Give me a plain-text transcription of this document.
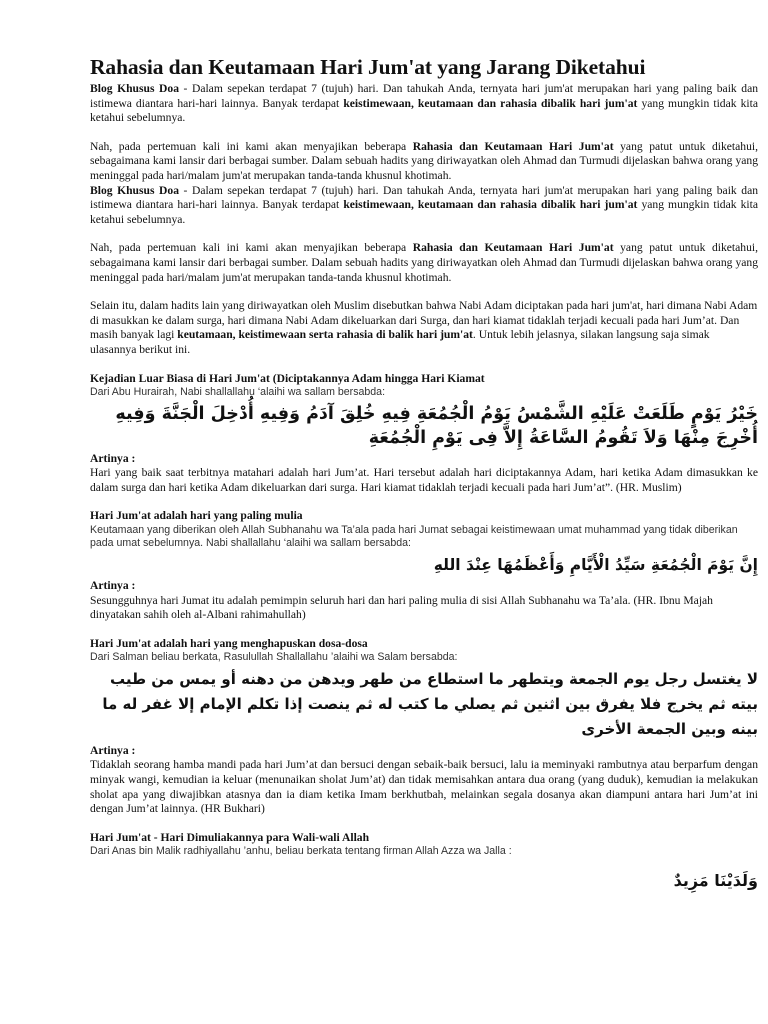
Rahasia dan Keutamaan Hari Jum'at yang Jarang Diketahui

Blog Khusus Doa - Dalam sepekan terdapat 7 (tujuh) hari. Dan tahukah Anda, ternyata hari jum'at merupakan hari yang paling baik dan istimewa diantara hari-hari lainnya. Banyak terdapat keistimewaan, keutamaan dan rahasia dibalik hari jum'at yang mungkin tidak kita ketahui sebelumnya.

Nah, pada pertemuan kali ini kami akan menyajikan beberapa Rahasia dan Keutamaan Hari Jum'at yang patut untuk diketahui, sebagaimana kami lansir dari berbagai sumber. Dalam sebuah hadits yang diriwayatkan oleh Ahmad dan Turmudi dijelaskan bahwa orang yang meninggal pada hari/malam jum'at merupakan tanda-tanda khusnul khotimah.

Blog Khusus Doa - Dalam sepekan terdapat 7 (tujuh) hari. Dan tahukah Anda, ternyata hari jum'at merupakan hari yang paling baik dan istimewa diantara hari-hari lainnya. Banyak terdapat keistimewaan, keutamaan dan rahasia dibalik hari jum'at yang mungkin tidak kita ketahui sebelumnya.

Nah, pada pertemuan kali ini kami akan menyajikan beberapa Rahasia dan Keutamaan Hari Jum'at yang patut untuk diketahui, sebagaimana kami lansir dari berbagai sumber. Dalam sebuah hadits yang diriwayatkan oleh Ahmad dan Turmudi dijelaskan bahwa orang yang meninggal pada hari/malam jum'at merupakan tanda-tanda khusnul khotimah.

Selain itu, dalam hadits lain yang diriwayatkan oleh Muslim disebutkan bahwa Nabi Adam diciptakan pada hari jum'at, hari dimana Nabi Adam di masukkan ke dalam surga, hari dimana Nabi Adam dikeluarkan dari Surga, dan hari kiamat tidaklah terjadi kecuali pada hari Jum’at. Dan masih banyak lagi keutamaan, keistimewaan serta rahasia di balik hari jum'at. Untuk lebih jelasnya, silakan langsung saja simak ulasannya berikut ini.

Kejadian Luar Biasa di Hari Jum'at (Diciptakannya Adam hingga Hari Kiamat

Dari Abu Hurairah, Nabi shallallahu ‘alaihi wa sallam bersabda:

خَيْرُ يَوْمٍ طَلَعَتْ عَلَيْهِ الشَّمْسُ يَوْمُ الْجُمُعَةِ فِيهِ خُلِقَ آدَمُ وَفِيهِ أُدْخِلَ الْجَنَّةَ وَفِيهِ أُخْرِجَ مِنْهَا وَلاَ تَقُومُ السَّاعَةُ إِلاَّ فِى يَوْمِ الْجُمُعَةِ

Artinya :

Hari yang baik saat terbitnya matahari adalah hari Jum’at. Hari tersebut adalah hari diciptakannya Adam, hari ketika Adam dimasukkan ke dalam surga dan hari ketika Adam dikeluarkan dari surga. Hari kiamat tidaklah terjadi kecuali pada hari Jum’at”. (HR. Muslim)

Hari Jum'at adalah hari yang paling mulia

Keutamaan yang diberikan oleh Allah Subhanahu wa Ta’ala pada hari Jumat sebagai keistimewaan umat muhammad yang tidak diberikan pada umat sebelumnya. Nabi shallallahu ‘alaihi wa sallam bersabda:

إِنَّ يَوْمَ الْجُمُعَةِ سَيِّدُ الْأَيَّامِ وَأَعْظَمُهَا عِنْدَ اللهِ

Artinya :

Sesungguhnya hari Jumat itu adalah pemimpin seluruh hari dan hari paling mulia di sisi Allah Subhanahu wa Ta’ala. (HR. Ibnu Majah dinyatakan sahih oleh al-Albani rahimahullah)

Hari Jum'at adalah hari yang menghapuskan dosa-dosa

Dari Salman beliau berkata, Rasulullah Shallallahu ’alaihi wa Salam bersabda:

لا يغتسل رجل يوم الجمعة ويتطهر ما استطاع من طهر ويدهن من دهنه أو يمس من طيب بيته ثم يخرج فلا يفرق بين اثنين ثم يصلي ما كتب له ثم ينصت إذا تكلم الإمام إلا غفر له ما بينه وبين الجمعة الأخرى

Artinya :

Tidaklah seorang hamba mandi pada hari Jum’at dan bersuci dengan sebaik-baik bersuci, lalu ia meminyaki rambutnya atau berparfum dengan minyak wangi, kemudian ia keluar (menunaikan sholat Jum’at) dan tidak memisahkan antara dua orang (yang duduk), kemudian ia melakukan sholat apa yang diwajibkan atasnya dan ia diam ketika Imam berkhutbah, melainkan segala dosanya akan diampuni antara hari Jum’at ini dengan Jum’at lainnya. (HR Bukhari)

Hari Jum'at - Hari Dimuliakannya para Wali-wali Allah

Dari Anas bin Malik radhiyallahu ’anhu, beliau berkata tentang firman Allah Azza wa Jalla :

وَلَدَيْنَا مَزِيدٌ
